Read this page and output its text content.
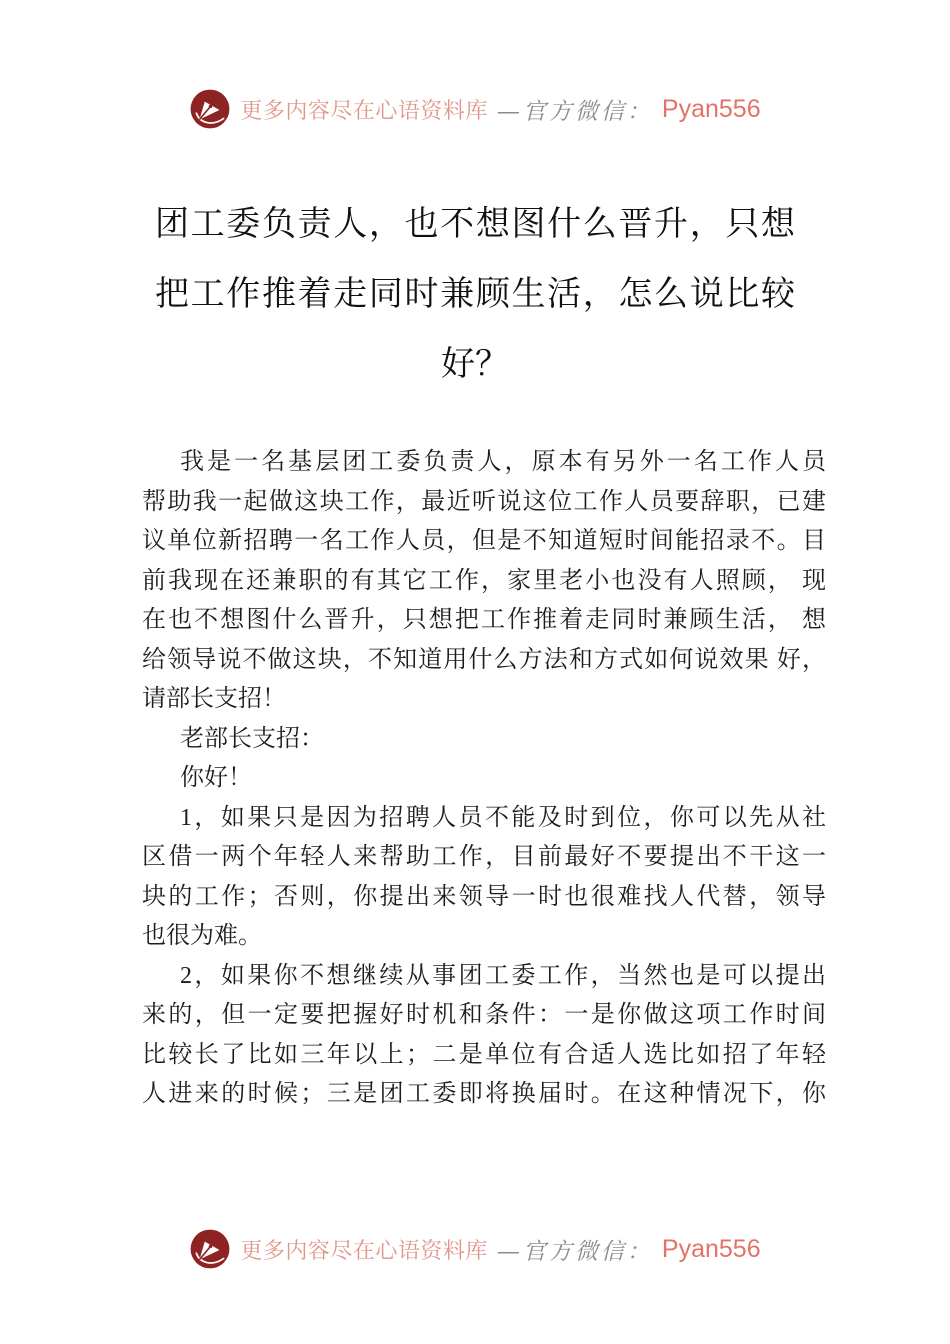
更多内容尽在心语资料库 —官方微信： Pyan556
团工委负责人，也不想图什么晋升，只想
把工作推着走同时兼顾生活，怎么说比较
好？
我是一名基层团工委负责人，原本有另外一名工作人员
帮助我一起做这块工作，最近听说这位工作人员要辞职，已建
议单位新招聘一名工作人员，但是不知道短时间能招录不。目
前我现在还兼职的有其它工作，家里老小也没有人照顾， 现
在也不想图什么晋升，只想把工作推着走同时兼顾生活， 想
给领导说不做这块，不知道用什么方法和方式如何说效果 好，
请部长支招！
老部长支招：
你好！
1，如果只是因为招聘人员不能及时到位，你可以先从社
区借一两个年轻人来帮助工作，目前最好不要提出不干这一
块的工作；否则，你提出来领导一时也很难找人代替，领导
也很为难。
2，如果你不想继续从事团工委工作，当然也是可以提出
来的，但一定要把握好时机和条件：一是你做这项工作时间
比较长了比如三年以上；二是单位有合适人选比如招了年轻
人进来的时候；三是团工委即将换届时。在这种情况下，你
更多内容尽在心语资料库 —官方微信： Pyan556
